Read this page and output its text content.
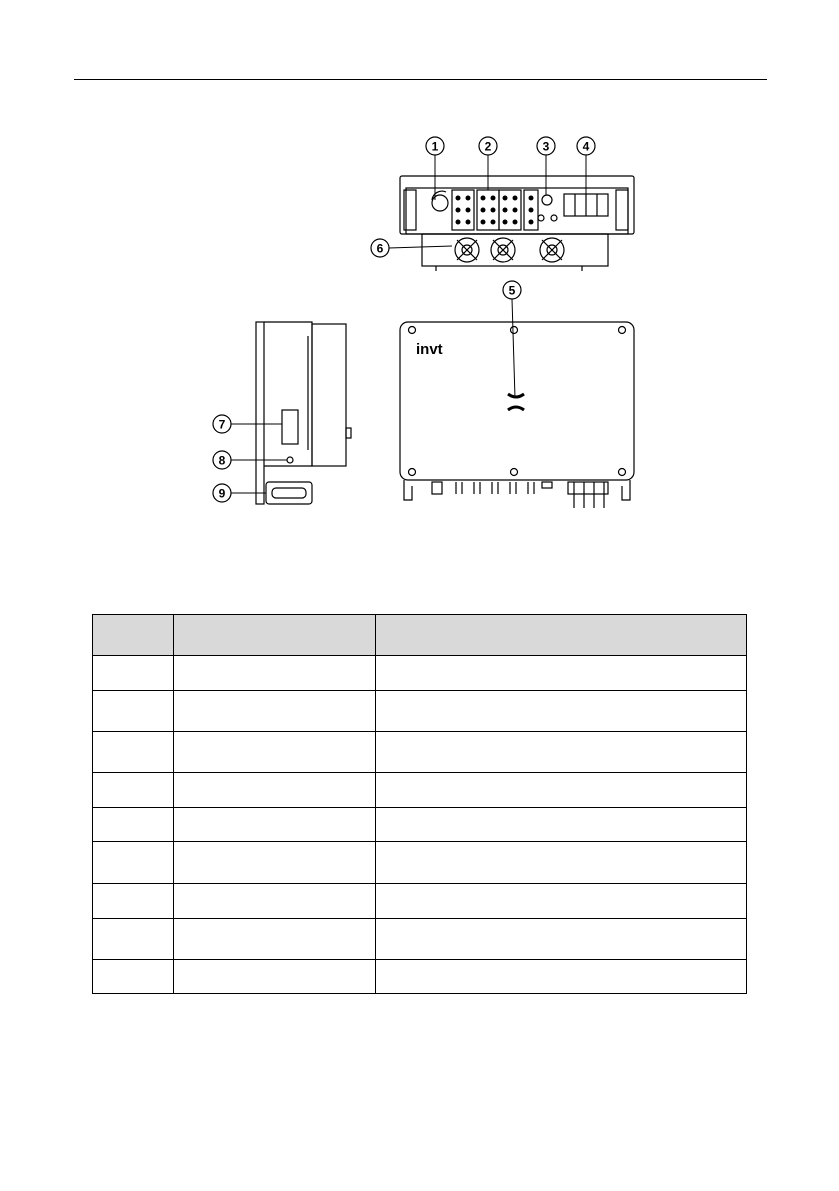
invt
1	2	3	4
5
6
7
8
9
